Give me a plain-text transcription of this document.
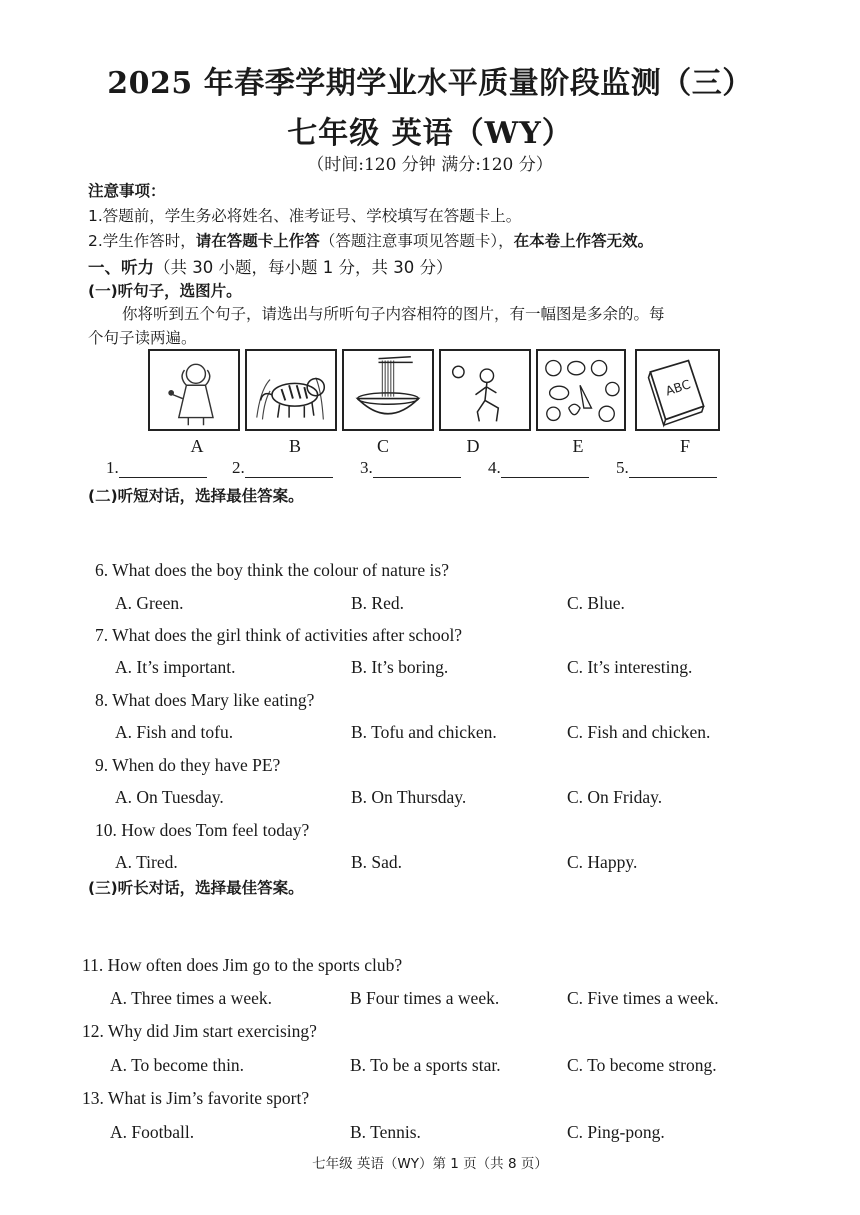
2025 年春季学期学业水平质量阶段监测（三）
七年级 英语（WY）
（时间:120 分钟 满分:120 分）
注意事项：
1.答题前，学生务必将姓名、准考证号、学校填写在答题卡上。
2.学生作答时，请在答题卡上作答（答题注意事项见答题卡），在本卷上作答无效。
一、听力（共 30 小题，每小题 1 分，共 30 分）
(一)听句子，选图片。
你将听到五个句子，请选出与所听句子内容相符的图片，有一幅图是多余的。每
个句子读两遍。
ABC
A	B	C	D	E	F
1.	2.	3.	4.	5.
(二)听短对话，选择最佳答案。
6. What does the boy think the colour of nature is?
A. Green.	B. Red.	C. Blue.
7. What does the girl think of activities after school?
A. It’s important.	B. It’s boring.	C. It’s interesting.
8. What does Mary like eating?
A. Fish and tofu.	B. Tofu and chicken.	C. Fish and chicken.
9. When do they have PE?
A. On Tuesday.	B. On Thursday.	C. On Friday.
10. How does Tom feel today?
A. Tired.	B. Sad.	C. Happy.
(三)听长对话，选择最佳答案。
11. How often does Jim go to the sports club?
A. Three times a week.	B Four times a week.	C. Five times a week.
12. Why did Jim start exercising?
A. To become thin.	B. To be a sports star.	C. To become strong.
13. What is Jim’s favorite sport?
A. Football.	B. Tennis.	C. Ping-pong.
七年级 英语（WY）第 1 页（共 8 页）
